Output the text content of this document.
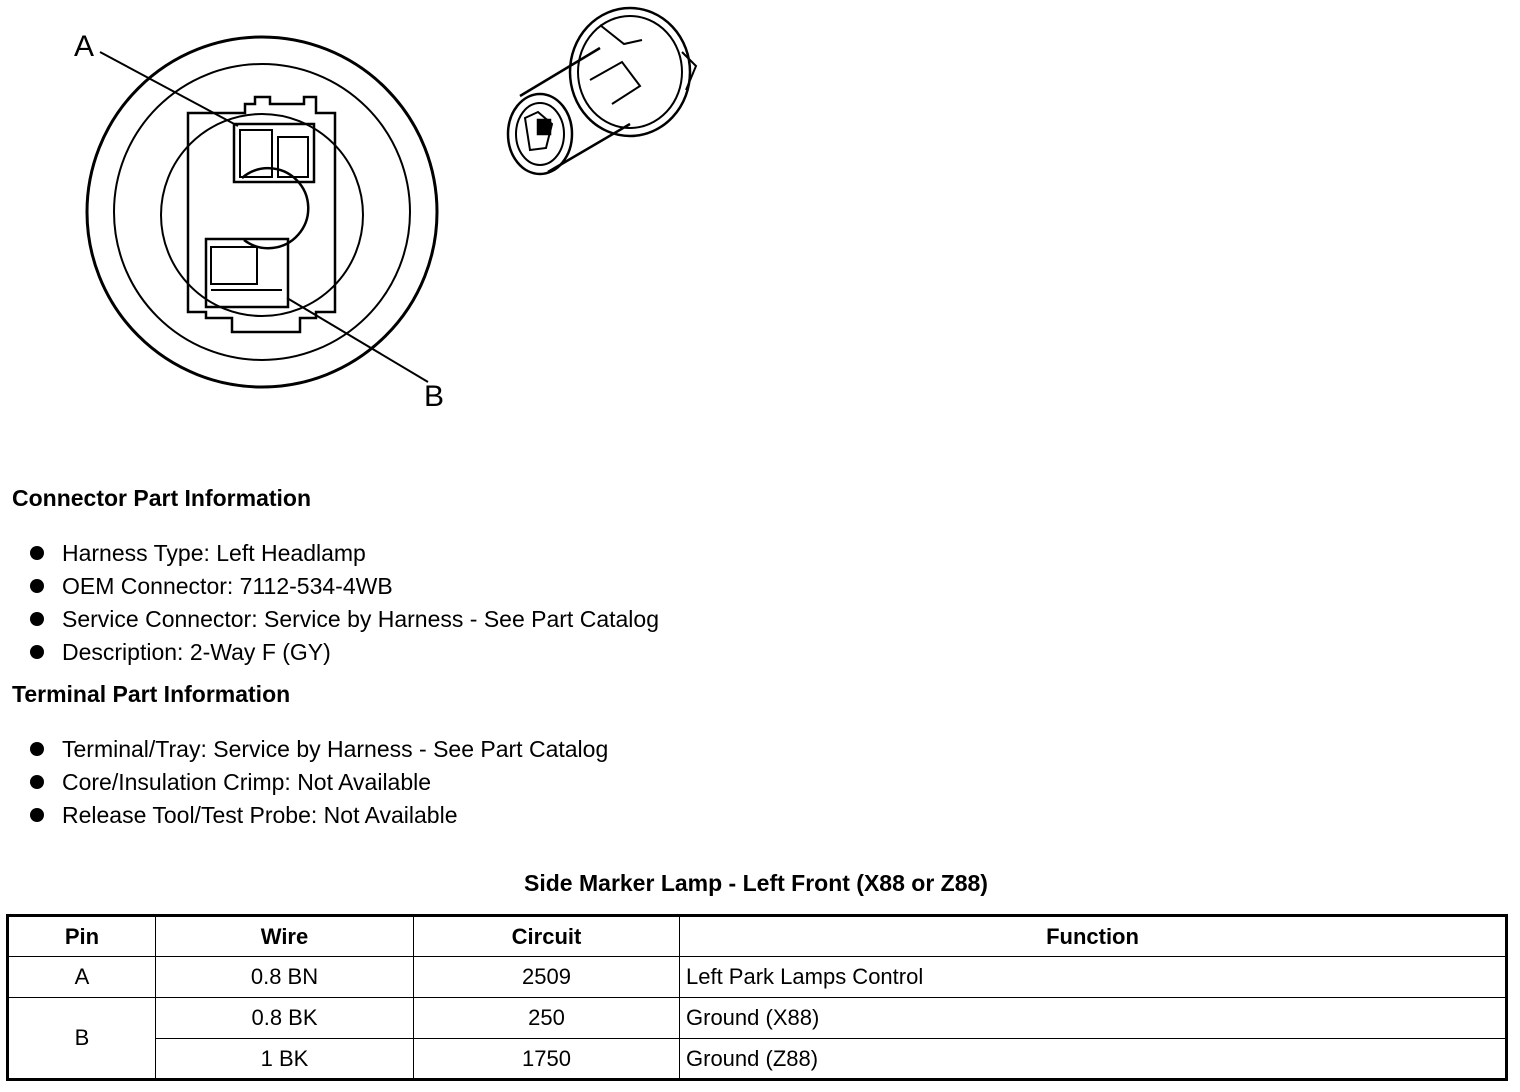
A
B
Connector Part Information
Harness Type: Left Headlamp
OEM Connector: 7112-534-4WB
Service Connector: Service by Harness - See Part Catalog
Description: 2-Way F (GY)
Terminal Part Information
Terminal/Tray: Service by Harness - See Part Catalog
Core/Insulation Crimp: Not Available
Release Tool/Test Probe: Not Available
Side Marker Lamp - Left Front (X88 or Z88)
Pin	Wire	Circuit	Function
A	0.8 BN	2509	Left Park Lamps Control
B	0.8 BK	250	Ground (X88)
	1 BK	1750	Ground (Z88)
